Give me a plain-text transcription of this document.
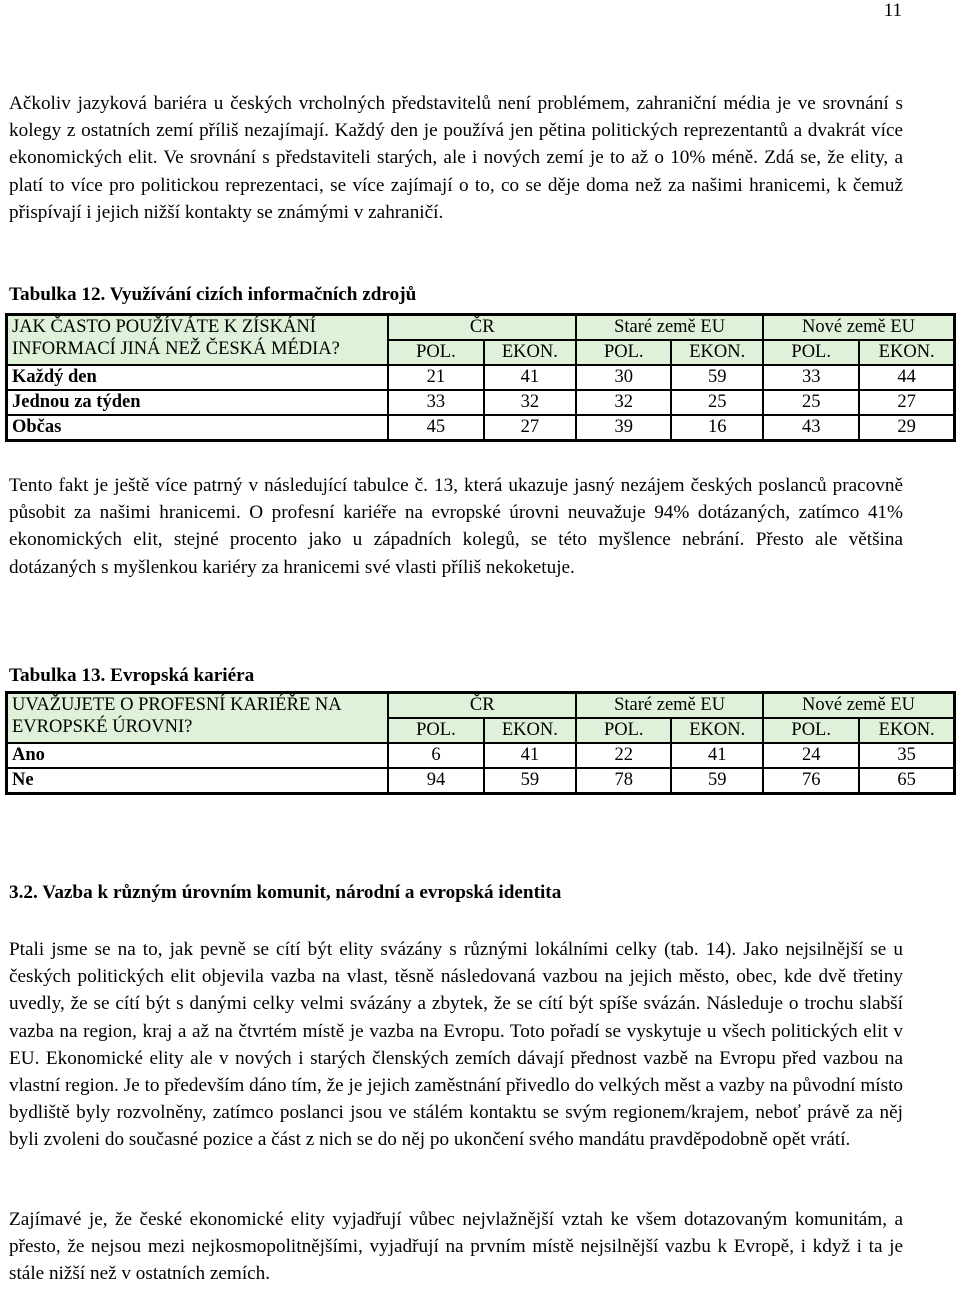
11

Ačkoliv jazyková bariéra u českých vrcholných představitelů není problémem, zahraniční média je ve srovnání s kolegy z ostatních zemí příliš nezajímají. Každý den je používá jen pětina politických reprezentantů a dvakrát více ekonomických elit. Ve srovnání s představiteli starých, ale i nových zemí je to až o 10% méně. Zdá se, že elity, a platí to více pro politickou reprezentaci, se více zajímají o to, co se děje doma než za našimi hranicemi, k čemuž přispívají i jejich nižší kontakty se známými v zahraničí.

Tabulka 12. Využívání cizích informačních zdrojů

JAK ČASTO POUŽÍVÁTE K ZÍSKÁNÍ
INFORMACÍ JINÁ NEŽ ČESKÁ MÉDIA?	ČR		Staré země EU		Nové země EU	
	POL.	EKON.	POL.	EKON.	POL.	EKON.
Každý den	21	41	30	59	33	44
Jednou za týden	33	32	32	25	25	27
Občas	45	27	39	16	43	29

Tento fakt je ještě více patrný v následující tabulce č. 13, která ukazuje jasný nezájem českých poslanců pracovně působit za našimi hranicemi. O profesní kariéře na evropské úrovni neuvažuje 94% dotázaných, zatímco 41% ekonomických elit, stejné procento jako u západních kolegů, se této myšlence nebrání. Přesto ale většina dotázaných s myšlenkou kariéry za hranicemi své vlasti příliš nekoketuje.

Tabulka 13. Evropská kariéra

UVAŽUJETE O PROFESNÍ KARIÉŘE NA
EVROPSKÉ ÚROVNI?	ČR		Staré země EU		Nové země EU	
	POL.	EKON.	POL.	EKON.	POL.	EKON.
Ano	6	41	22	41	24	35
Ne	94	59	78	59	76	65
3.2. Vazba k různým úrovním komunit, národní a evropská identita

Ptali jsme se na to, jak pevně se cítí být elity svázány s různými lokálními celky (tab. 14). Jako nejsilnější se u českých politických elit objevila vazba na vlast, těsně následovaná vazbou na jejich město, obec, kde dvě třetiny uvedly, že se cítí být s danými celky velmi svázány a zbytek, že se cítí být spíše svázán. Následuje o trochu slabší vazba na region, kraj a až na čtvrtém místě je vazba na Evropu. Toto pořadí se vyskytuje u všech politických elit v EU. Ekonomické elity ale v nových i starých členských zemích dávají přednost vazbě na Evropu před vazbou na vlastní region. Je to především dáno tím, že je jejich zaměstnání přivedlo do velkých měst a vazby na původní místo bydliště byly rozvolněny, zatímco poslanci jsou ve stálém kontaktu se svým regionem/krajem, neboť právě za něj byli zvoleni do současné pozice a část z nich se do něj po ukončení svého mandátu pravděpodobně opět vrátí.

Zajímavé je, že české ekonomické elity vyjadřují vůbec nejvlažnější vztah ke všem dotazovaným komunitám, a přesto, že nejsou mezi nejkosmopolitnějšími, vyjadřují na prvním místě nejsilnější vazbu k Evropě, i když i ta je stále nižší než v ostatních zemích.
